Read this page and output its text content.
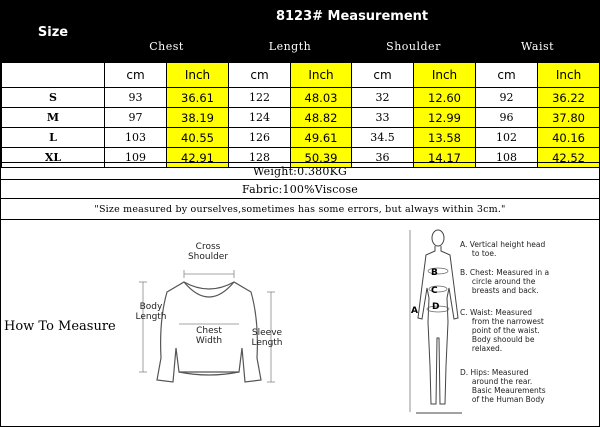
Size	8123# Measurement							
	Chest		Length		Shoulder		Waist	
	cm	Inch	cm	Inch	cm	Inch	cm	Inch
S	93	36.61	122	48.03	32	12.60	92	36.22
M	97	38.19	124	48.82	33	12.99	96	37.80
L	103	40.55	126	49.61	34.5	13.58	102	40.16
XL	109	42.91	128	50.39	36	14.17	108	42.52
Weight:0.380KG
Fabric:100%Viscose
"Size measured by ourselves,sometimes has some errors, but always within 3cm."
How To Measure
Cross
Shoulder
Body
Length
Chest
Width
Sleeve
Length
A
B
C
D
A. Vertical height head
to toe.
B. Chest: Measured in a
circle around the
breasts and back.
C. Waist: Measured
from the narrowest
point of the waist.
Body shoould be
relaxed.
D. Hips: Measured
around the rear.
Basic Meaurements
of the Human Body
